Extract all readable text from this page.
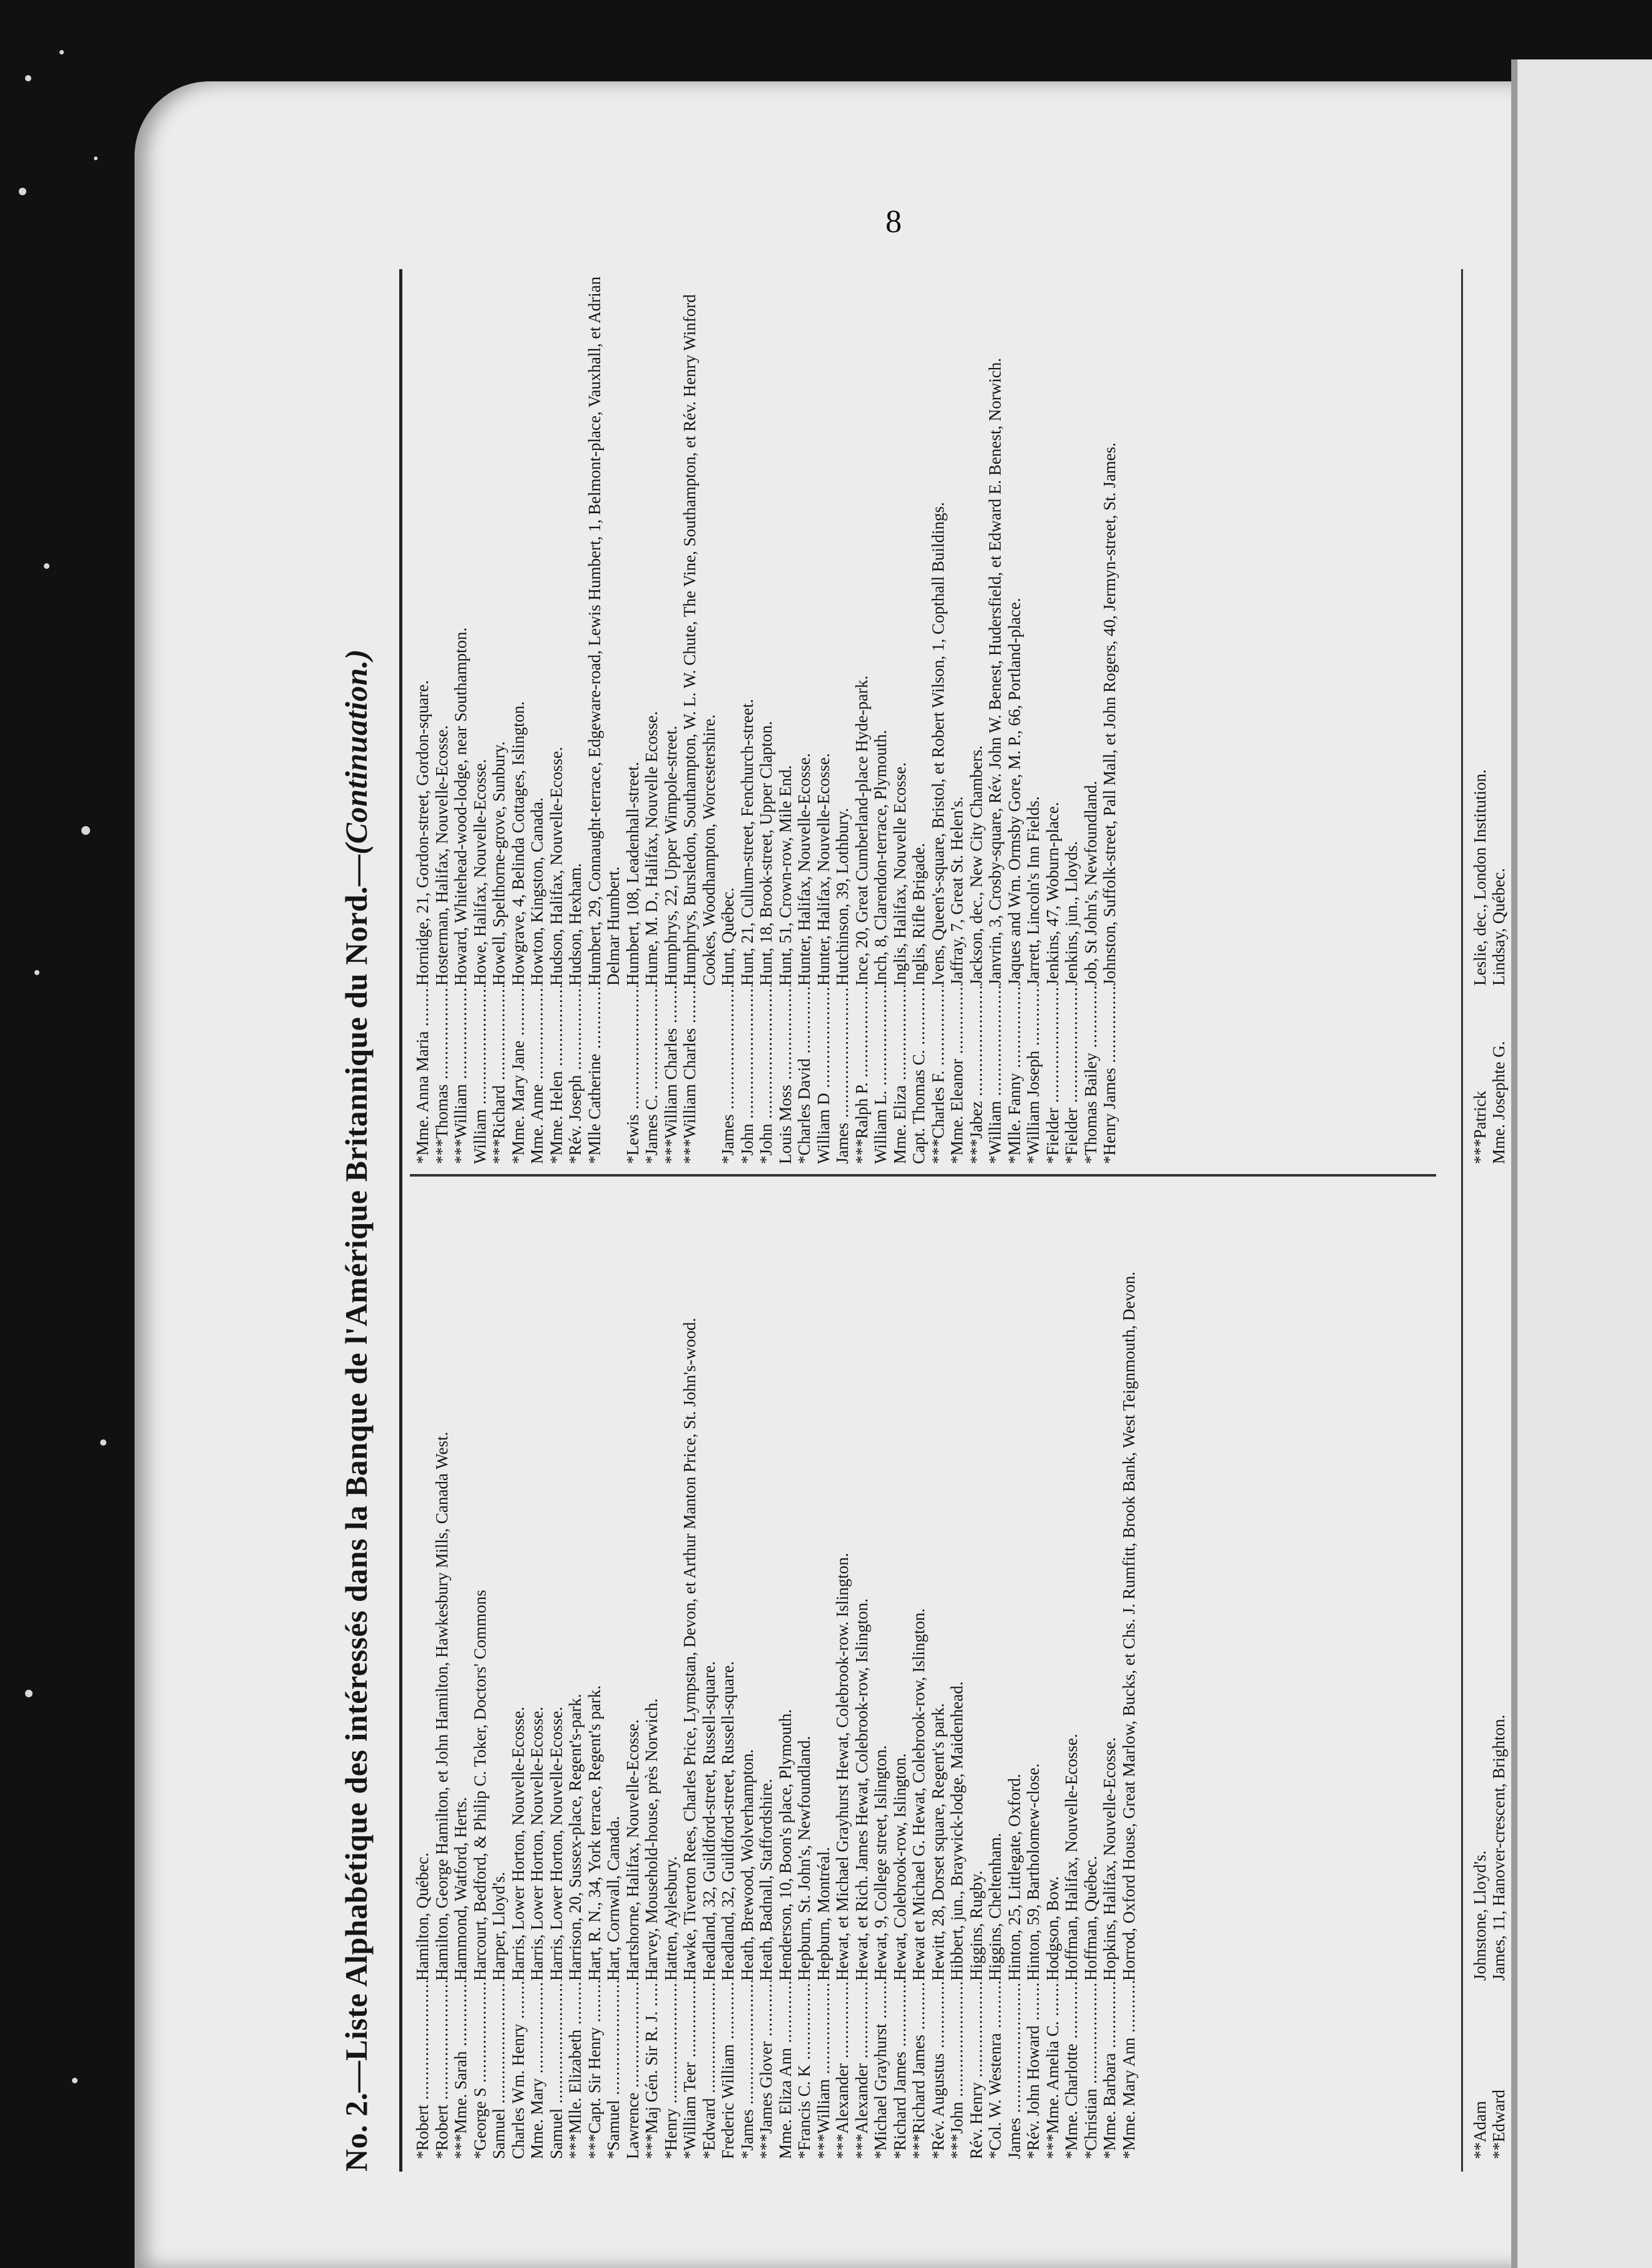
8
No. 2.—Liste Alphabétique des intéressés dans la Banque de l'Amérique Britannique du Nord.—(Continuation.)
*Robert .....
Hamilton, Québec.
*Robert .....
Hamilton, George Hamilton, et John Hamilton, Hawkesbury Mills, Canada West.
***Mme. Sarah .....
Hammond, Watford, Herts.
*George S .....
Harcourt, Bedford, & Philip C. Toker, Doctors' Commons
Samuel .....
Harper, Lloyd's.
Charles Wm. Henry .....
Harris, Lower Horton, Nouvelle-Ecosse.
Mme. Mary .....
Harris, Lower Horton, Nouvelle-Ecosse.
Samuel .....
Harris, Lower Horton, Nouvelle-Ecosse.
***Mlle. Elizabeth .....
Harrison, 20, Sussex-place, Regent's-park.
***Capt. Sir Henry .....
Hart, R. N., 34, York terrace, Regent's park.
*Samuel .....
Hart, Cornwall, Canada.
Lawrence .....
Hartshorne, Halifax, Nouvelle-Ecosse.
***Maj Gén. Sir R. J. .....
Harvey, Mousehold-house, près Norwich.
*Henry .....
Hatten, Aylesbury.
*William Teer .....
Hawke, Tiverton Rees, Charles Price, Lympstan, Devon, et Arthur Manton Price, St. John's-wood.
*Edward .....
Headland, 32, Guildford-street, Russell-square.
Frederic William .....
Headland, 32, Guildford-street, Russell-square.
*James .....
Heath, Brewood, Wolverhampton.
***James Glover .....
Heath, Badnall, Staffordshire.
Mme. Eliza Ann .....
Henderson, 10, Boon's place, Plymouth.
*Francis C. K .....
Hepburn, St. John's, Newfoundland.
***William .....
Hepburn, Montréal.
***Alexander .....
Hewat, et Michael Grayhurst Hewat, Colebrook-row. Islington.
***Alexander .....
Hewat, et Rich. James Hewat, Colebrook-row, Islington.
*Michael Grayhurst .....
Hewat, 9, College street, Islington.
*Richard James .....
Hewat, Colebrook-row, Islington.
***Richard James .....
Hewat et Michael G. Hewat, Colebrook-row, Islington.
*Rév. Augustus .....
Hewitt, 28, Dorset square, Regent's park.
***John .....
Hibbert, jun., Braywick-lodge, Maidenhead.
Rév. Henry .....
Higgins, Rugby.
*Col. W. Westenra .....
Higgins, Cheltenham.
James .....
Hinton, 25, Littlegate, Oxford.
*Rév. John Howard .....
Hinton, 59, Bartholomew-close.
***Mme. Amelia C. .....
Hodgson, Bow.
*Mme. Charlotte .....
Hoffman, Halifax, Nouvelle-Ecosse.
*Christian .....
Hoffman, Québec.
*Mme. Barbara .....
Hopkins, Halifax, Nouvelle-Ecosse.
*Mme. Mary Ann .....
Horrod, Oxford House, Great Marlow, Bucks, et Chs. J. Rumfitt, Brook Bank, West Teignmouth, Devon.
*Mme. Anna Maria .....
Hornidge, 21, Gordon-street, Gordon-square.
***Thomas .....
Hosterman, Halifax, Nouvelle-Ecosse.
***William .....
Howard, Whitehead-wood-lodge, near Southampton.
William .....
Howe, Halifax, Nouvelle-Ecosse.
***Richard .....
Howell, Spelthorne-grove, Sunbury.
*Mme. Mary Jane .....
Howgrave, 4, Belinda Cottages, Islington.
Mme. Anne .....
Howton, Kingston, Canada.
*Mme. Helen .....
Hudson, Halifax, Nouvelle-Ecosse.
*Rév. Joseph .....
Hudson, Hexham.
*Mlle Catherine .....
Humbert, 29, Connaught-terrace, Edgeware-road, Lewis Humbert, 1, Belmont-place, Vauxhall, et Adrian Delmar Humbert.
*Lewis .....
Humbert, 108, Leadenhall-street.
*James C. .....
Hume, M. D., Halifax, Nouvelle Ecosse.
***William Charles .....
Humphrys, 22, Upper Wimpole-street.
***William Charles .....
Humphrys, Bursledon, Southampton, W. L. W. Chute, The Vine, Southampton, et Rév. Henry Winford Cookes, Woodhampton, Worcestershire.
*James .....
Hunt, Québec.
*John .....
Hunt, 21, Cullum-street, Fenchurch-street.
*John .....
Hunt, 18, Brook-street, Upper Clapton.
Louis Moss .....
Hunt, 51, Crown-row, Mile End.
*Charles David .....
Hunter, Halifax, Nouvelle-Ecosse.
William D .....
Hunter, Halifax, Nouvelle-Ecosse.
James .....
Hutchinson, 39, Lothbury.
***Ralph P. .....
Ince, 20, Great Cumberland-place Hyde-park.
William L. .....
Inch, 8, Clarendon-terrace, Plymouth.
Mme. Eliza .....
Inglis, Halifax, Nouvelle Ecosse.
Capt. Thomas C. .....
Inglis, Rifle Brigade.
***Charles F. .....
Ivens, Queen's-square, Bristol, et Robert Wilson, 1, Copthall Buildings.
*Mme. Eleanor .....
Jaffray, 7, Great St. Helen's.
***Jabez .....
Jackson, dec., New City Chambers.
*William .....
Janvrin, 3, Crosby-square, Rév. John W. Benest, Hudersfield, et Edward E. Benest, Norwich.
*Mlle. Fanny .....
Jaques and Wm. Ormsby Gore, M. P., 66, Portland-place.
*William Joseph .....
Jarrett, Lincoln's Inn Fields.
*Fielder .....
Jenkins, 47, Woburn-place.
*Fielder .....
Jenkins, jun., Lloyds.
*Thomas Bailey .....
Job, St John's, Newfoundland.
*Henry James .....
Johnston, Suffolk-street, Pall Mall, et John Rogers, 40, Jermyn-street, St. James.
**AdamJohnstone, Lloyd's.
**EdwardJames, 11, Hanover-crescent, Brighton.
***PatrickLeslie, dec., London Institution.
Mme. Josephte G.Lindsay, Québec.
